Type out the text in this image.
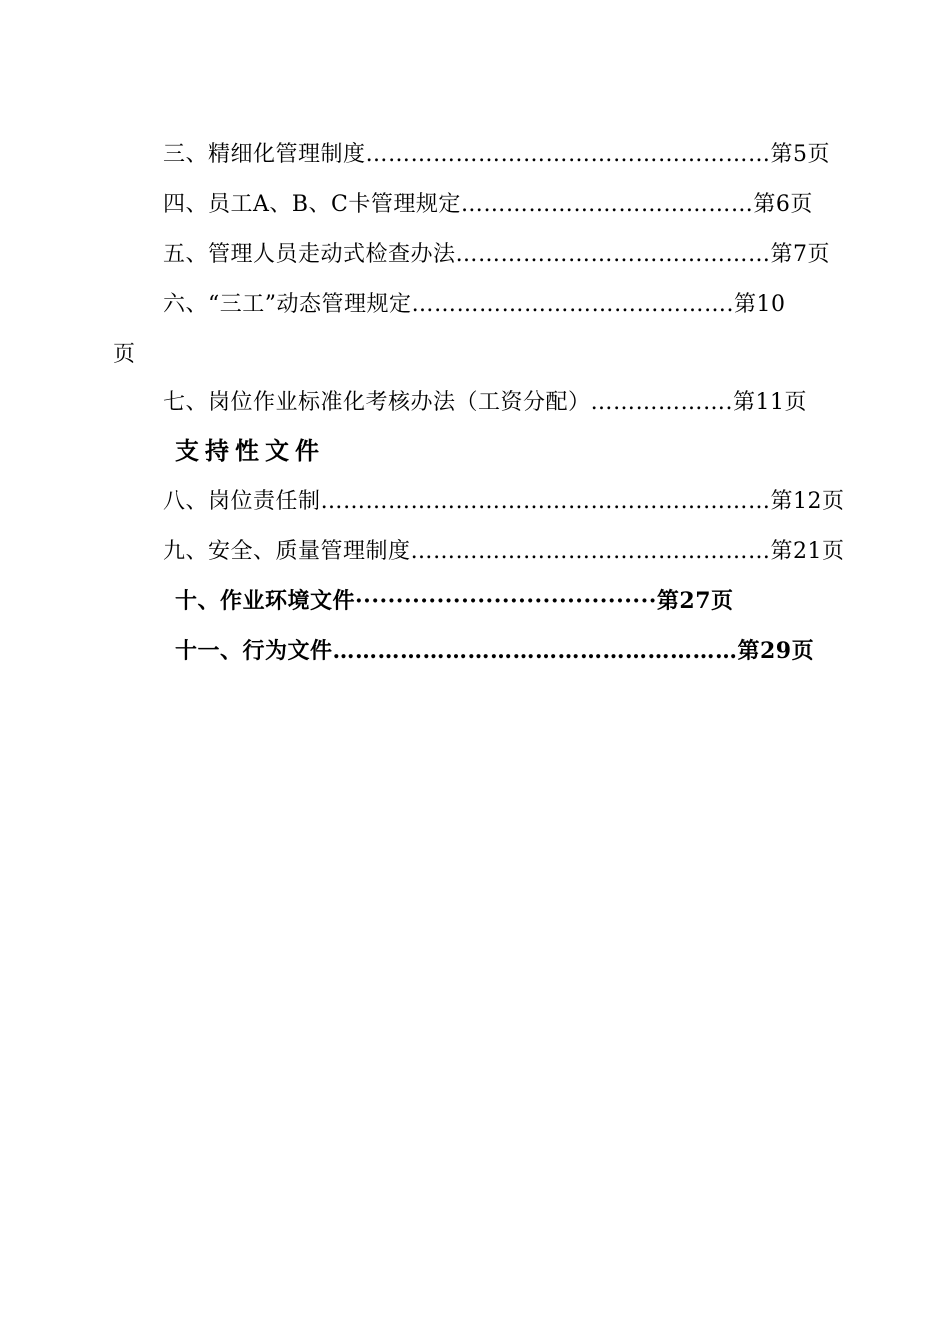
三、精细化管理制度………………………………………………第5页
四、员工A、B、C卡管理规定…………………………………第6页
五、管理人员走动式检查办法……………………………………第7页
六、“三工”动态管理规定…………………………………….第10
页
七、岗位作业标准化考核办法（工资分配）……………….第11页
支持性文件
八、岗位责任制……………………………………………………第12页
九、安全、质量管理制度…………………………………………第21页
十、作业环境文件·····································第27页
十一、行为文件………………………………………………第29页
